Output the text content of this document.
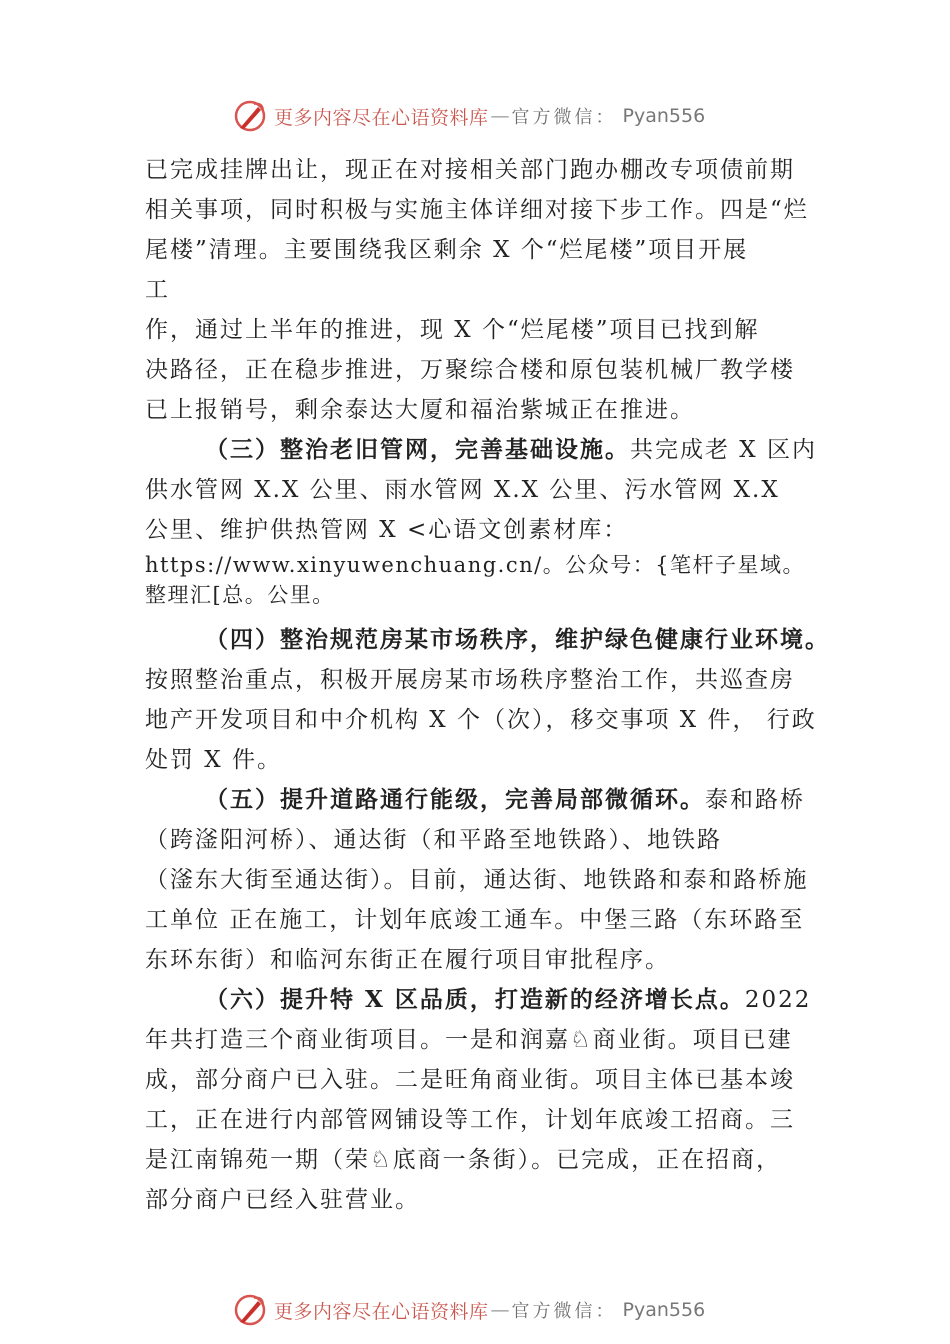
更多内容尽在心语资料库 — 官方微信： Pyan556
已完成挂牌出让，现正在对接相关部门跑办棚改专项债前期
相关事项，同时积极与实施主体详细对接下步工作。四是“烂
尾楼”清理。主要围绕我区剩余 X 个“烂尾楼”项目开展
工
作，通过上半年的推进，现 X 个“烂尾楼”项目已找到解
决路径，正在稳步推进，万聚综合楼和原包装机械厂教学楼
已上报销号，剩余泰达大厦和福治紫城正在推进。
（三）整治老旧管网，完善基础设施。共完成老 X 区内
供水管网 X.X 公里、雨水管网 X.X 公里、污水管网 X.X
公里、维护供热管网 X <心语文创素材库：
https://www.xinyuwenchuang.cn/。公众号：{笔杆子星域。
整理汇[总。公里。
（四）整治规范房某市场秩序，维护绿色健康行业环境。
按照整治重点，积极开展房某市场秩序整治工作，共巡查房
地产开发项目和中介机构 X 个（次），移交事项 X 件， 行政
处罚 X 件。
（五）提升道路通行能级，完善局部微循环。泰和路桥
（跨滏阳河桥）、通达街（和平路至地铁路）、地铁路
（滏东大街至通达街）。目前，通达街、地铁路和泰和路桥施
工单位 正在施工，计划年底竣工通车。中堡三路（东环路至
东环东街）和临河东街正在履行项目审批程序。
（六）提升特 X 区品质，打造新的经济增长点。2022
年共打造三个商业街项目。一是和润嘉♘商业街。项目已建
成，部分商户已入驻。二是旺角商业街。项目主体已基本竣
工，正在进行内部管网铺设等工作，计划年底竣工招商。三
是江南锦苑一期（荣♘底商一条街）。已完成，正在招商，
部分商户已经入驻营业。
更多内容尽在心语资料库 — 官方微信： Pyan556
